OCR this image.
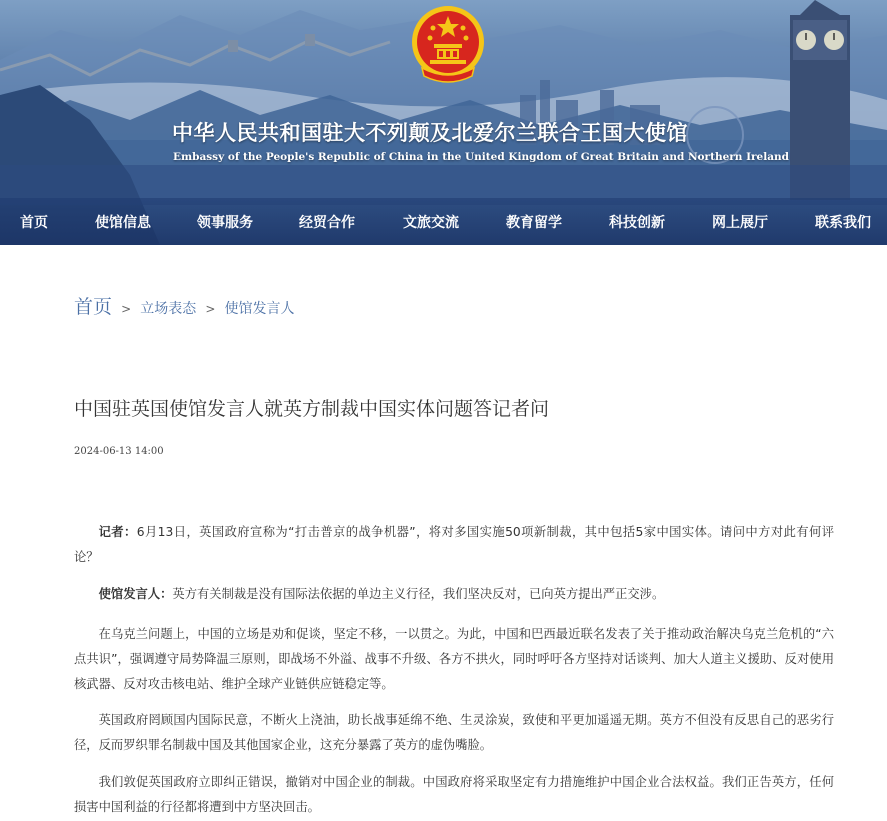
中华人民共和国驻大不列颠及北爱尔兰联合王国大使馆
Embassy of the People's Republic of China in the United Kingdom of Great Britain and Northern Ireland
首页	使馆信息	领事服务	经贸合作	文旅交流	教育留学	科技创新	网上展厅	联系我们
首页 > 立场表态 > 使馆发言人
中国驻英国使馆发言人就英方制裁中国实体问题答记者问
2024-06-13 14:00

记者：6月13日，英国政府宣称为“打击普京的战争机器”，将对多国实施50项新制裁，其中包括5家中国实体。请问中方对此有何评论？

使馆发言人：英方有关制裁是没有国际法依据的单边主义行径，我们坚决反对，已向英方提出严正交涉。

在乌克兰问题上，中国的立场是劝和促谈，坚定不移，一以贯之。为此，中国和巴西最近联名发表了关于推动政治解决乌克兰危机的“六点共识”，强调遵守局势降温三原则，即战场不外溢、战事不升级、各方不拱火，同时呼吁各方坚持对话谈判、加大人道主义援助、反对使用核武器、反对攻击核电站、维护全球产业链供应链稳定等。

英国政府罔顾国内国际民意，不断火上浇油，助长战事延绵不绝、生灵涂炭，致使和平更加遥遥无期。英方不但没有反思自己的恶劣行径，反而罗织罪名制裁中国及其他国家企业，这充分暴露了英方的虚伪嘴脸。

我们敦促英国政府立即纠正错误，撤销对中国企业的制裁。中国政府将采取坚定有力措施维护中国企业合法权益。我们正告英方，任何损害中国利益的行径都将遭到中方坚决回击。
